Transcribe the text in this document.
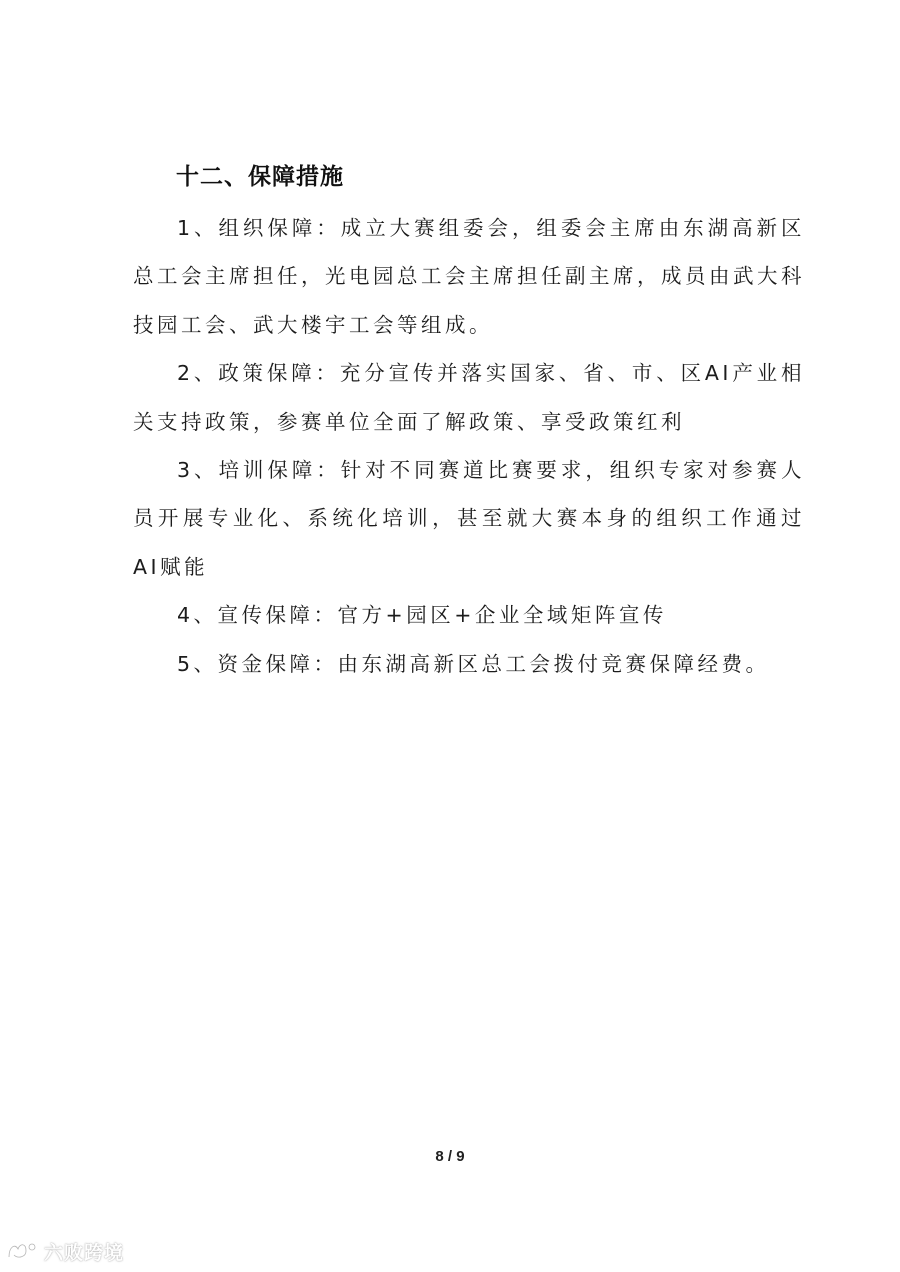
十二、保障措施

1、组织保障：成立大赛组委会，组委会主席由东湖高新区总工会主席担任，光电园总工会主席担任副主席，成员由武大科技园工会、武大楼宇工会等组成。

2、政策保障：充分宣传并落实国家、省、市、区AI产业相关支持政策，参赛单位全面了解政策、享受政策红利

3、培训保障：针对不同赛道比赛要求，组织专家对参赛人员开展专业化、系统化培训，甚至就大赛本身的组织工作通过AI赋能

4、宣传保障：官方+园区+企业全域矩阵宣传

5、资金保障：由东湖高新区总工会拨付竞赛保障经费。

8 / 9
六败跨境
